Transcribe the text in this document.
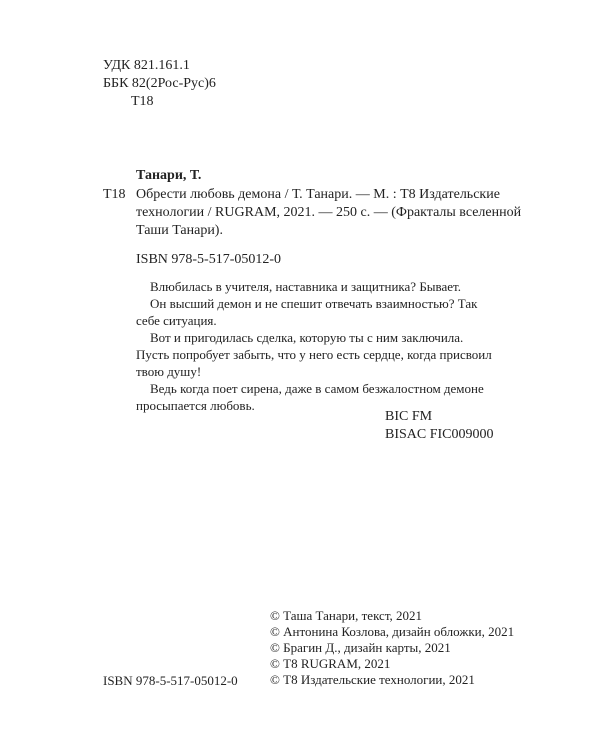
УДК 821.161.1
ББК 82(2Рос-Рус)6
Т18
Танари, Т.
Т18 Обрести любовь демона / Т. Танари. — М. : Т8 Издательские
технологии / RUGRAM, 2021. — 250 с. — (Фракталы вселенной
Таши Танари).
ISBN 978-5-517-05012-0
Влюбилась в учителя, наставника и защитника? Бывает.
Он высший демон и не спешит отвечать взаимностью? Так
себе ситуация.
Вот и пригодилась сделка, которую ты с ним заключила.
Пусть попробует забыть, что у него есть сердце, когда присвоил
твою душу!
Ведь когда поет сирена, даже в самом безжалостном демоне
просыпается любовь.
BIC FM
BISAC FIC009000
© Таша Танари, текст, 2021
© Антонина Козлова, дизайн обложки, 2021
© Брагин Д., дизайн карты, 2021
© Т8 RUGRAM, 2021
© Т8 Издательские технологии, 2021
ISBN 978-5-517-05012-0
